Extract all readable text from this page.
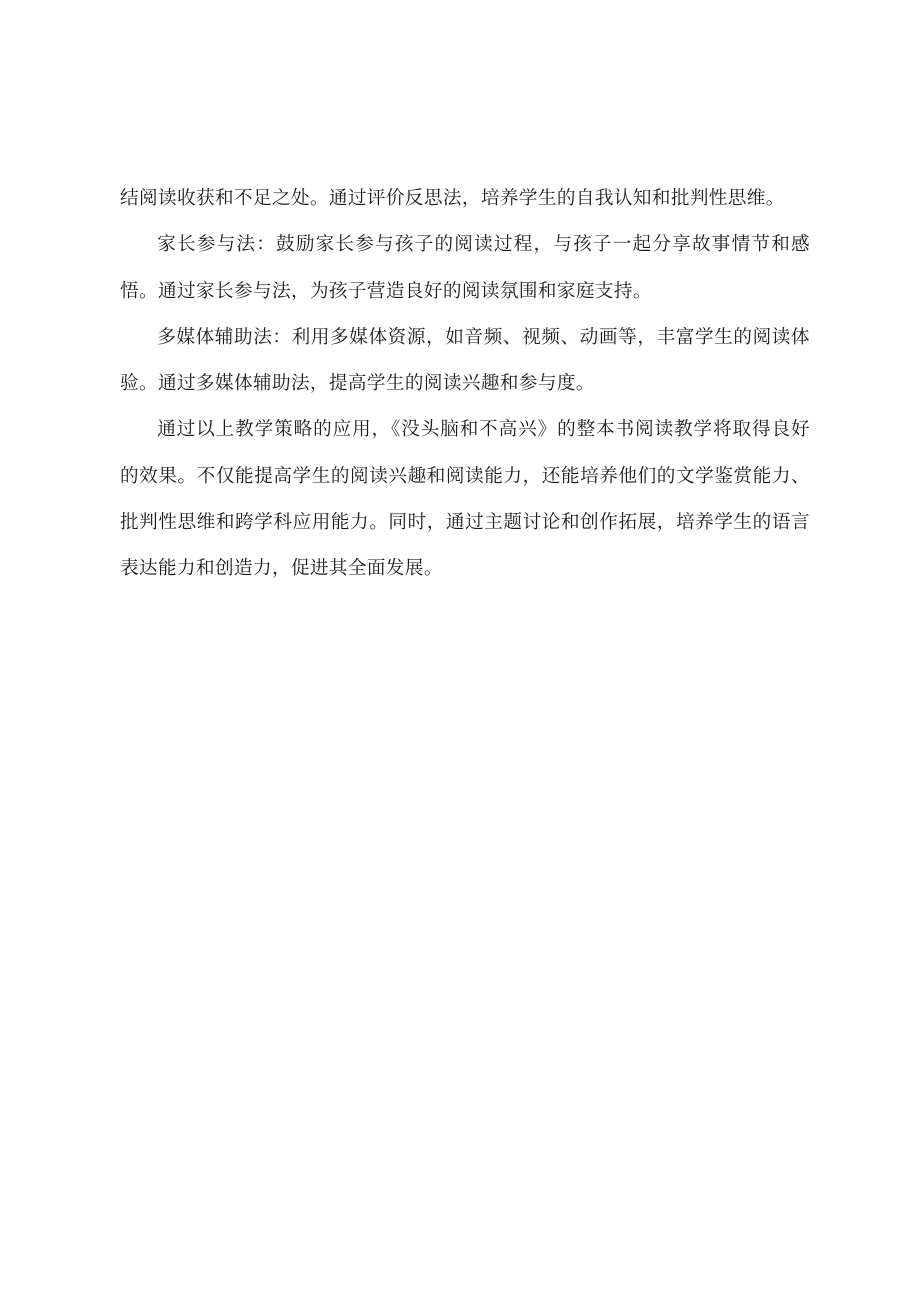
结阅读收获和不足之处。通过评价反思法，培养学生的自我认知和批判性思维。

家长参与法：鼓励家长参与孩子的阅读过程，与孩子一起分享故事情节和感悟。通过家长参与法，为孩子营造良好的阅读氛围和家庭支持。

多媒体辅助法：利用多媒体资源，如音频、视频、动画等，丰富学生的阅读体验。通过多媒体辅助法，提高学生的阅读兴趣和参与度。

通过以上教学策略的应用，《没头脑和不高兴》的整本书阅读教学将取得良好的效果。不仅能提高学生的阅读兴趣和阅读能力，还能培养他们的文学鉴赏能力、批判性思维和跨学科应用能力。同时，通过主题讨论和创作拓展，培养学生的语言表达能力和创造力，促进其全面发展。
